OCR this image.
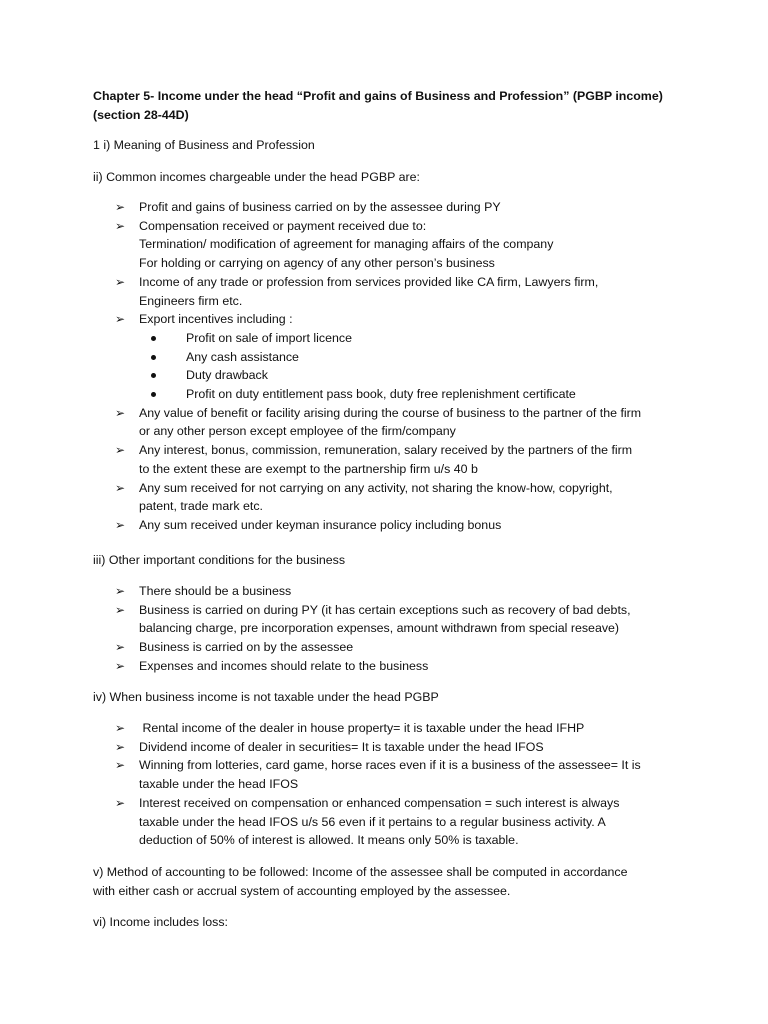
Chapter 5- Income under the head “Profit and gains of Business and Profession” (PGBP income)
(section 28-44D)
1 i) Meaning of Business and Profession
ii) Common incomes chargeable under the head PGBP are:
➢	Profit and gains of business carried on by the assessee during PY
➢	Compensation received or payment received due to:
Termination/ modification of agreement for managing affairs of the company
For holding or carrying on agency of any other person’s business
➢	Income of any trade or profession from services provided like CA firm, Lawyers firm,
Engineers firm etc.
➢	Export incentives including :
Profit on sale of import licence
Any cash assistance
Duty drawback
Profit on duty entitlement pass book, duty free replenishment certificate
➢	Any value of benefit or facility arising during the course of business to the partner of the firm
or any other person except employee of the firm/company
➢	Any interest, bonus, commission, remuneration, salary received by the partners of the firm
to the extent these are exempt to the partnership firm u/s 40 b
➢	Any sum received for not carrying on any activity, not sharing the know-how, copyright,
patent, trade mark etc.
➢	Any sum received under keyman insurance policy including bonus
iii) Other important conditions for the business
➢	There should be a business
➢	Business is carried on during PY (it has certain exceptions such as recovery of bad debts,
balancing charge, pre incorporation expenses, amount withdrawn from special reseave)
➢	Business is carried on by the assessee
➢	Expenses and incomes should relate to the business
iv) When business income is not taxable under the head PGBP
➢	Rental income of the dealer in house property= it is taxable under the head IFHP
➢	Dividend income of dealer in securities= It is taxable under the head IFOS
➢	Winning from lotteries, card game, horse races even if it is a business of the assessee= It is
taxable under the head IFOS
➢	Interest received on compensation or enhanced compensation = such interest is always
taxable under the head IFOS u/s 56 even if it pertains to a regular business activity. A
deduction of 50% of interest is allowed. It means only 50% is taxable.
v) Method of accounting to be followed: Income of the assessee shall be computed in accordance
with either cash or accrual system of accounting employed by the assessee.
vi) Income includes loss:
